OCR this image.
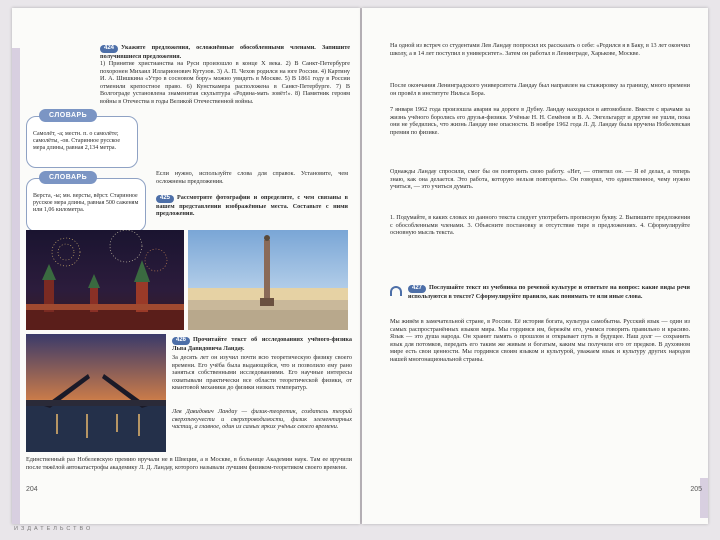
424 Укажите предложения, осложнённые обособленными членами. Запишите получившиеся предложения.
1) Принятие христианства на Руси произошло в конце X века. 2) В Санкт-Петербурге похоронен Михаил Илларионович Кутузов. 3) А. П. Чехов родился на юге России. 4) Картину И. А. Шишкина «Утро в сосновом бору» можно увидеть в Москве. 5) В 1861 году в России отменили крепостное право. 6) Кунсткамера расположена в Санкт-Петербурге. 7) В Волгограде установлена знаменитая скульптура «Родина-мать зовёт!». 8) Памятник героям войны в Отечества в годы Великой Отечественной войны.
СЛОВАРЬ
Самолёт, -а; местн. п. о самолёте; самолёты, -ов. Старинное русское мера длины, равная 2,134 метра.
СЛОВАРЬ
Верста, -ы; мн. версты, вёрст. Старинное русское мера длины, равная 500 саженям или 1,06 километра.
Если нужно, используйте слова для справок. Установите, чем осложнены предложения.
425 Рассмотрите фотографии и определите, с чем связаны в вашем представлении изображённые места. Составьте с ними предложения.
426 Прочитайте текст об исследованиях учёного-физика Льва Давидовича Ландау.
За десять лет он изучил почти всю теоретическую физику своего времени. Его учёба была выдающейся, что и позволило ему рано заняться собственными исследованиями. Его научные интересы охватывали практически все области теоретической физики, от квантовой механики до физики низких температур.
Лев Давидович Ландау — физик-теоретик, создатель теорий сверхтекучести и сверхпроводимости, физик элементарных частиц, а главное, один из самых ярких учёных своего времени.
Единственный раз Нобелевскую премию вручали не в Швеции, а в Москве, в больнице Академии наук. Там ее вручили после тяжёлой автокатастрофы академику Л. Д. Ландау, которого называли лучшим физиком-теоретиком своего времени.
204
На одной из встреч со студентами Лев Ландау попросил их рассказать о себе: «Родился я в Баку, в 13 лет окончил школу, а в 14 лет поступил в университет». Затем он работал в Ленинграде, Харькове, Москве.
После окончания Ленинградского университета Ландау был направлен на стажировку за границу, много времени он провёл в институте Нильса Бора.
7 января 1962 года произошла авария на дороге в Дубну. Ландау находился в автомобиле. Вместе с врачами за жизнь учёного боролись его друзья-физики. Учёные Н. Н. Семёнов и В. А. Энгельгардт и другие не ушли, пока они не убедились, что жизнь Ландау вне опасности. В ноябре 1962 года Л. Д. Ландау была вручена Нобелевская премия по физике.
Однажды Ландау спросили, смог бы он повторить свою работу. «Нет, — ответил он. — Я её делал, а теперь знаю, как она делается. Это работа, которую нельзя повторить». Он говорил, что единственное, чему нужно учиться, — это учиться думать.
1. Подумайте, в каких словах из данного текста следует употребить прописную букву. 2. Выпишите предложения с обособленными членами. 3. Объясните постановку и отсутствие тире в предложениях. 4. Сформулируйте основную мысль текста.
427 Послушайте текст из учебника по речевой культуре и ответьте на вопрос: какие виды речи используются в тексте? Сформулируйте правило, как понимать те или иные слова.
Мы живём в замечательной стране, в России. Её история богата, культура самобытна. Русский язык — один из самых распространённых языков мира. Мы гордимся им, бережём его, учимся говорить правильно и красиво. Язык — это душа народа. Он хранит память о прошлом и открывает путь в будущее. Наш долг — сохранить язык для потомков, передать его таким же живым и богатым, каким мы получили его от предков. В духовном мире есть свои ценности. Мы гордимся своим языком и культурой, уважаем язык и культуру других народов нашей многонациональной страны.
205
ИЗДАТЕЛЬСТВО
